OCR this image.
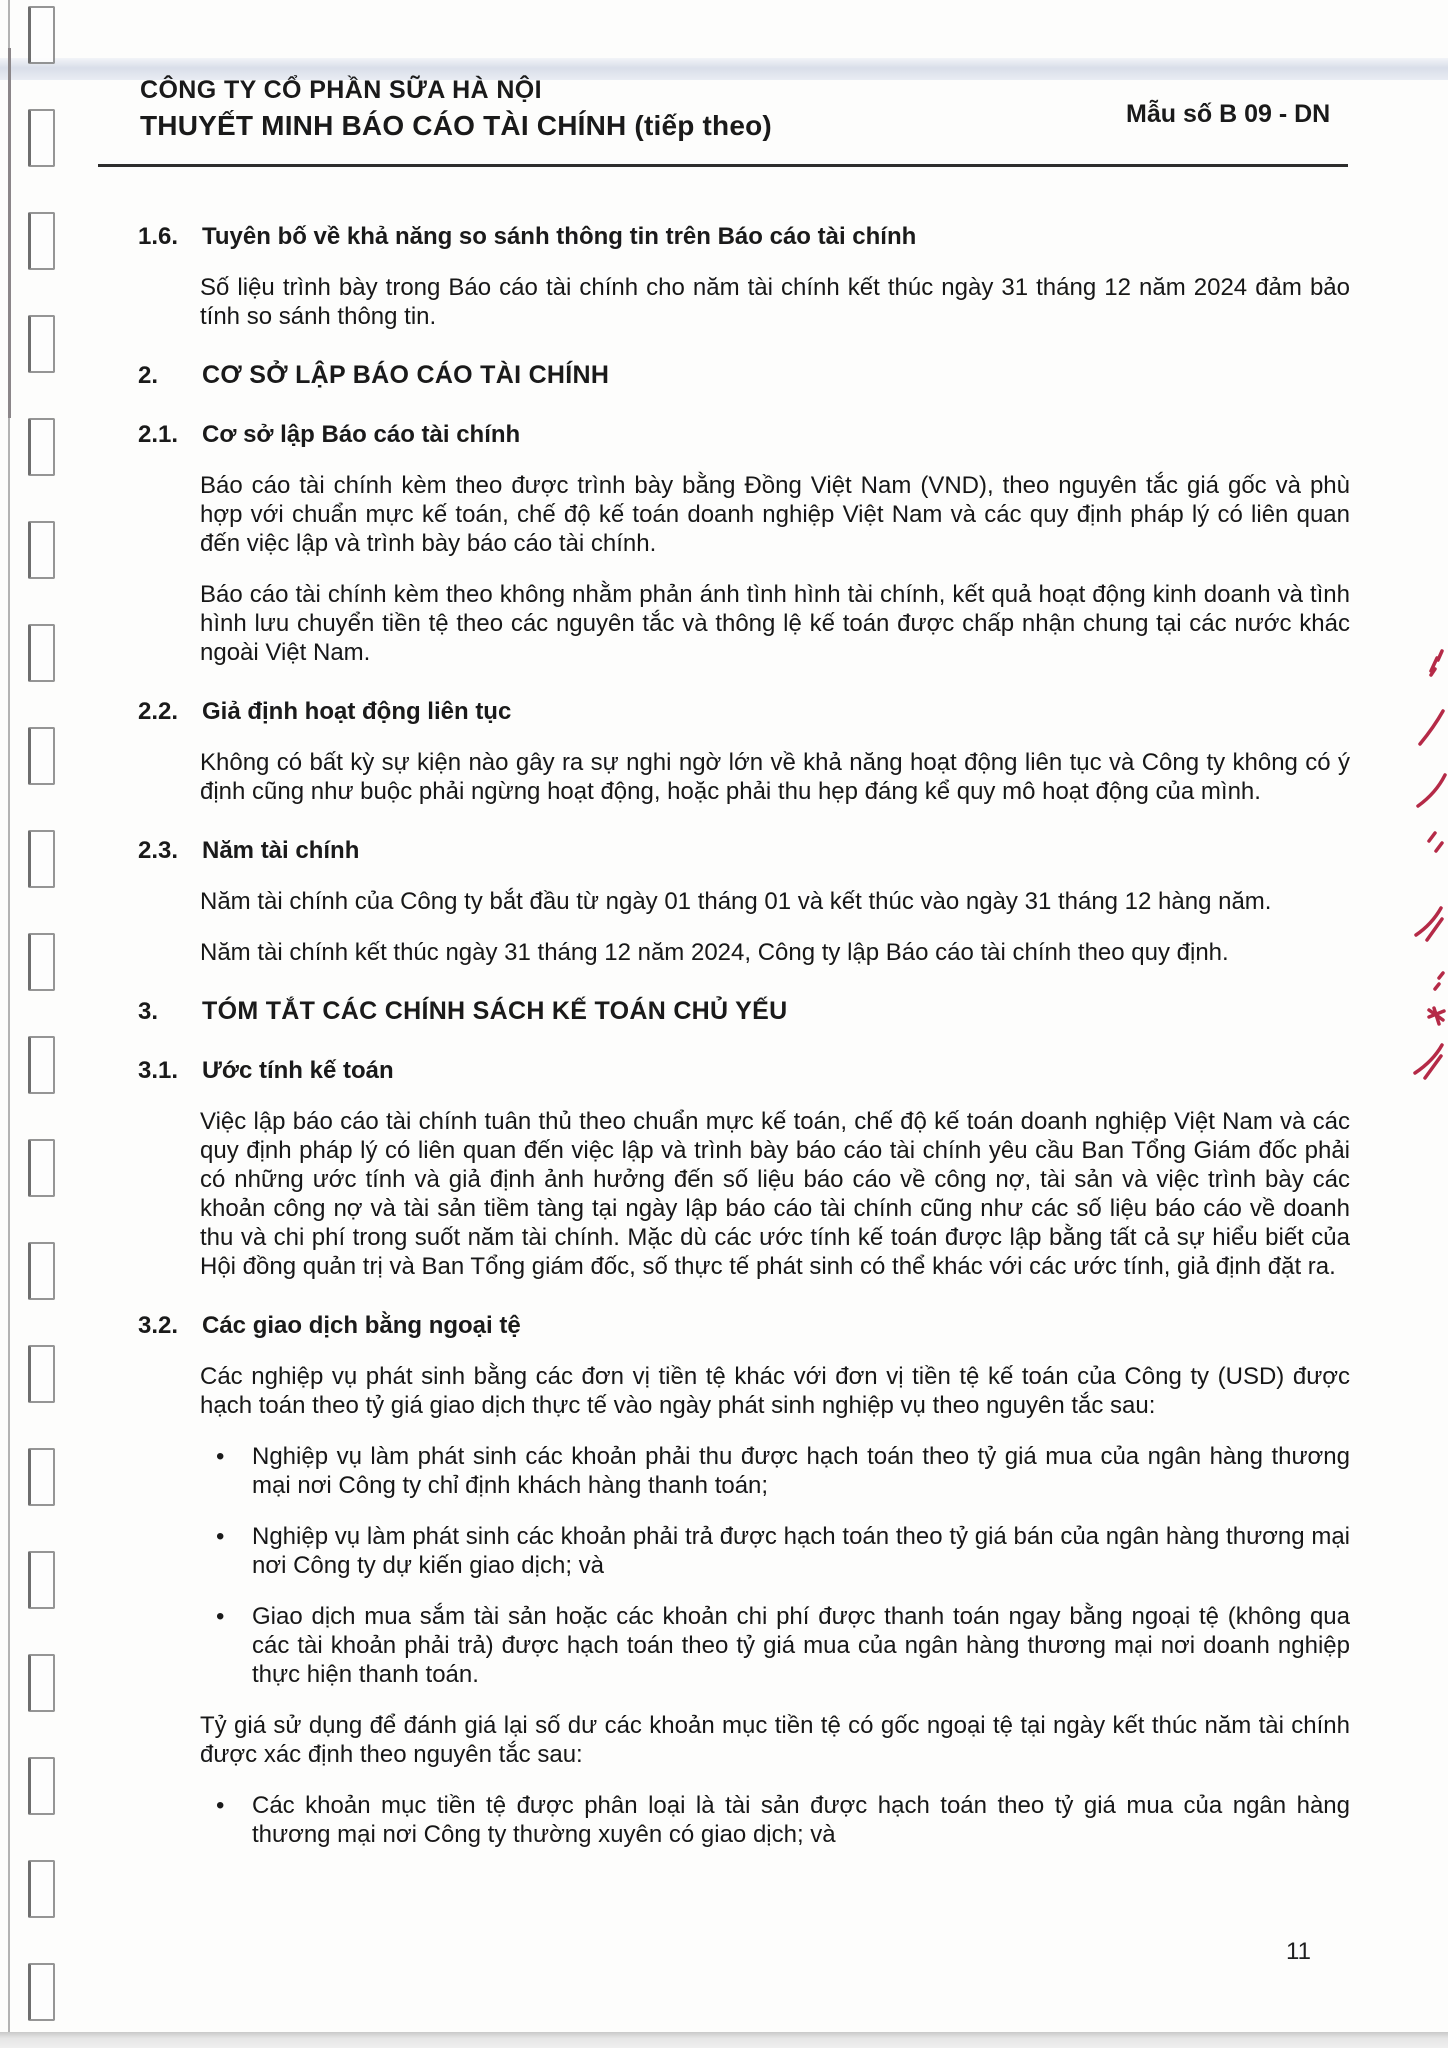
CÔNG TY CỔ PHẦN SỮA HÀ NỘI
THUYẾT MINH BÁO CÁO TÀI CHÍNH (tiếp theo)	Mẫu số B 09 - DN
1.6. Tuyên bố về khả năng so sánh thông tin trên Báo cáo tài chính

Số liệu trình bày trong Báo cáo tài chính cho năm tài chính kết thúc ngày 31 tháng 12 năm 2024 đảm bảo tính so sánh thông tin.

2.	CƠ SỞ LẬP BÁO CÁO TÀI CHÍNH
2.1. Cơ sở lập Báo cáo tài chính

Báo cáo tài chính kèm theo được trình bày bằng Đồng Việt Nam (VND), theo nguyên tắc giá gốc và phù hợp với chuẩn mực kế toán, chế độ kế toán doanh nghiệp Việt Nam và các quy định pháp lý có liên quan đến việc lập và trình bày báo cáo tài chính.

Báo cáo tài chính kèm theo không nhằm phản ánh tình hình tài chính, kết quả hoạt động kinh doanh và tình hình lưu chuyển tiền tệ theo các nguyên tắc và thông lệ kế toán được chấp nhận chung tại các nước khác ngoài Việt Nam.

2.2. Giả định hoạt động liên tục

Không có bất kỳ sự kiện nào gây ra sự nghi ngờ lớn về khả năng hoạt động liên tục và Công ty không có ý định cũng như buộc phải ngừng hoạt động, hoặc phải thu hẹp đáng kể quy mô hoạt động của mình.

2.3. Năm tài chính

Năm tài chính của Công ty bắt đầu từ ngày 01 tháng 01 và kết thúc vào ngày 31 tháng 12 hàng năm.

Năm tài chính kết thúc ngày 31 tháng 12 năm 2024, Công ty lập Báo cáo tài chính theo quy định.

3.	TÓM TẮT CÁC CHÍNH SÁCH KẾ TOÁN CHỦ YẾU
3.1. Ước tính kế toán

Việc lập báo cáo tài chính tuân thủ theo chuẩn mực kế toán, chế độ kế toán doanh nghiệp Việt Nam và các quy định pháp lý có liên quan đến việc lập và trình bày báo cáo tài chính yêu cầu Ban Tổng Giám đốc phải có những ước tính và giả định ảnh hưởng đến số liệu báo cáo về công nợ, tài sản và việc trình bày các khoản công nợ và tài sản tiềm tàng tại ngày lập báo cáo tài chính cũng như các số liệu báo cáo về doanh thu và chi phí trong suốt năm tài chính. Mặc dù các ước tính kế toán được lập bằng tất cả sự hiểu biết của Hội đồng quản trị và Ban Tổng giám đốc, số thực tế phát sinh có thể khác với các ước tính, giả định đặt ra.

3.2. Các giao dịch bằng ngoại tệ

Các nghiệp vụ phát sinh bằng các đơn vị tiền tệ khác với đơn vị tiền tệ kế toán của Công ty (USD) được hạch toán theo tỷ giá giao dịch thực tế vào ngày phát sinh nghiệp vụ theo nguyên tắc sau:

•	Nghiệp vụ làm phát sinh các khoản phải thu được hạch toán theo tỷ giá mua của ngân hàng thương mại nơi Công ty chỉ định khách hàng thanh toán;
•	Nghiệp vụ làm phát sinh các khoản phải trả được hạch toán theo tỷ giá bán của ngân hàng thương mại nơi Công ty dự kiến giao dịch; và
•	Giao dịch mua sắm tài sản hoặc các khoản chi phí được thanh toán ngay bằng ngoại tệ (không qua các tài khoản phải trả) được hạch toán theo tỷ giá mua của ngân hàng thương mại nơi doanh nghiệp thực hiện thanh toán.

Tỷ giá sử dụng để đánh giá lại số dư các khoản mục tiền tệ có gốc ngoại tệ tại ngày kết thúc năm tài chính được xác định theo nguyên tắc sau:

•	Các khoản mục tiền tệ được phân loại là tài sản được hạch toán theo tỷ giá mua của ngân hàng thương mại nơi Công ty thường xuyên có giao dịch; và
11
